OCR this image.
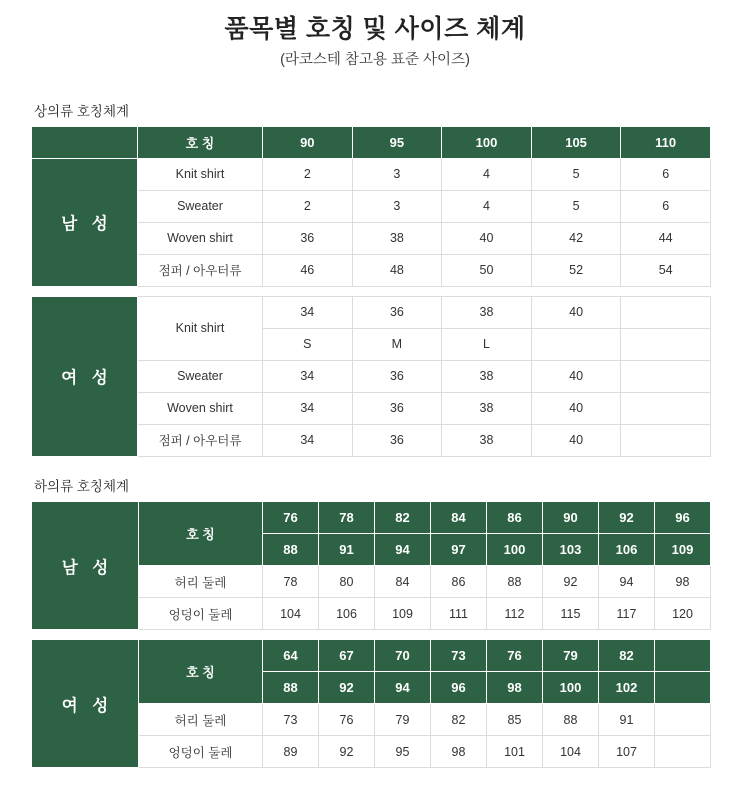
품목별 호칭 및 사이즈 체계
(라코스테 참고용 표준 사이즈)
상의류 호칭체계
	호 칭	90	95	100	105	110
남 성	Knit shirt	2	3	4	5	6
	Sweater	2	3	4	5	6
	Woven shirt	36	38	40	42	44
	점퍼 / 아우터류	46	48	50	52	54
여 성	Knit shirt	34	36	38	40	
		S	M	L		
	Sweater	34	36	38	40	
	Woven shirt	34	36	38	40	
	점퍼 / 아우터류	34	36	38	40	
하의류 호칭체계
남 성	호 칭	76	78	82	84	86	90	92	96
		88	91	94	97	100	103	106	109
	허리 둘레	78	80	84	86	88	92	94	98
	엉덩이 둘레	104	106	109	111	112	115	117	120
여 성	호 칭	64	67	70	73	76	79	82	
		88	92	94	96	98	100	102	
	허리 둘레	73	76	79	82	85	88	91	
	엉덩이 둘레	89	92	95	98	101	104	107	
